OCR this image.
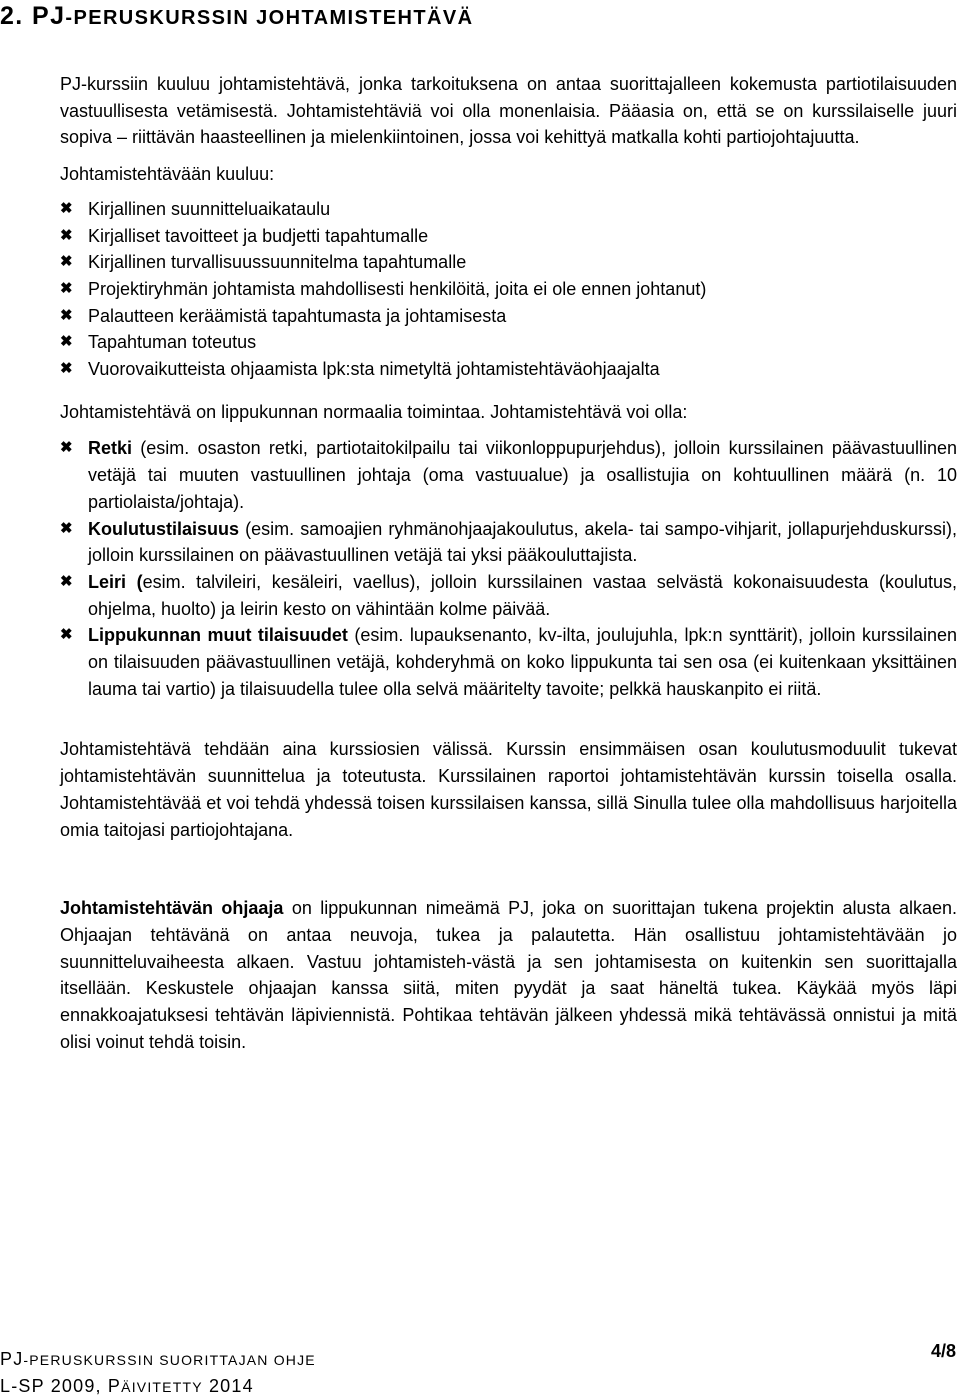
2. PJ-PERUSKURSSIN JOHTAMISTEHTÄVÄ

PJ-kurssiin kuuluu johtamistehtävä, jonka tarkoituksena on antaa suorittajalleen kokemusta partiotilaisuuden vastuullisesta vetämisestä. Johtamistehtäviä voi olla monenlaisia. Pääasia on, että se on kurssilaiselle juuri sopiva – riittävän haasteellinen ja mielenkiintoinen, jossa voi kehittyä matkalla kohti partiojohtajuutta.

Johtamistehtävään kuuluu:

✖ Kirjallinen suunnitteluaikataulu
✖ Kirjalliset tavoitteet ja budjetti tapahtumalle
✖ Kirjallinen turvallisuussuunnitelma tapahtumalle
✖ Projektiryhmän johtamista mahdollisesti henkilöitä, joita ei ole ennen johtanut)
✖ Palautteen keräämistä tapahtumasta ja johtamisesta
✖ Tapahtuman toteutus
✖ Vuorovaikutteista ohjaamista lpk:sta nimetyltä johtamistehtäväohjaajalta

Johtamistehtävä on lippukunnan normaalia toimintaa. Johtamistehtävä voi olla:

✖ Retki (esim. osaston retki, partiotaitokilpailu tai viikonloppupurjehdus), jolloin kurssilainen päävastuullinen vetäjä tai muuten vastuullinen johtaja (oma vastuualue) ja osallistujia on kohtuullinen määrä (n. 10 partiolaista/johtaja).
✖ Koulutustilaisuus (esim. samoajien ryhmänohjaajakoulutus, akela- tai sampo-vihjarit, jollapurjehduskurssi), jolloin kurssilainen on päävastuullinen vetäjä tai yksi pääkouluttajista.
✖ Leiri (esim. talvileiri, kesäleiri, vaellus), jolloin kurssilainen vastaa selvästä kokonaisuudesta (koulutus, ohjelma, huolto) ja leirin kesto on vähintään kolme päivää.
✖ Lippukunnan muut tilaisuudet (esim. lupauksenanto, kv-ilta, joulujuhla, lpk:n synttärit), jolloin kurssilainen on tilaisuuden päävastuullinen vetäjä, kohderyhmä on koko lippukunta tai sen osa (ei kuitenkaan yksittäinen lauma tai vartio) ja tilaisuudella tulee olla selvä määritelty tavoite; pelkkä hauskanpito ei riitä.

Johtamistehtävä tehdään aina kurssiosien välissä. Kurssin ensimmäisen osan koulutusmoduulit tukevat johtamistehtävän suunnittelua ja toteutusta. Kurssilainen raportoi johtamistehtävän kurssin toisella osalla. Johtamistehtävää et voi tehdä yhdessä toisen kurssilaisen kanssa, sillä Sinulla tulee olla mahdollisuus harjoitella omia taitojasi partiojohtajana.

Johtamistehtävän ohjaaja on lippukunnan nimeämä PJ, joka on suorittajan tukena projektin alusta alkaen. Ohjaajan tehtävänä on antaa neuvoja, tukea ja palautetta. Hän osallistuu johtamistehtävään jo suunnitteluvaiheesta alkaen. Vastuu johtamisteh-västä ja sen johtamisesta on kuitenkin sen suorittajalla itsellään. Keskustele ohjaajan kanssa siitä, miten pyydät ja saat häneltä tukea. Käykää myös läpi ennakkoajatuksesi tehtävän läpiviennistä. Pohtikaa tehtävän jälkeen yhdessä mikä tehtävässä onnistui ja mitä olisi voinut tehdä toisin.

PJ-PERUSKURSSIN SUORITTAJAN OHJE
L-SP 2009, PÄIVITETTY 2014
4/8
